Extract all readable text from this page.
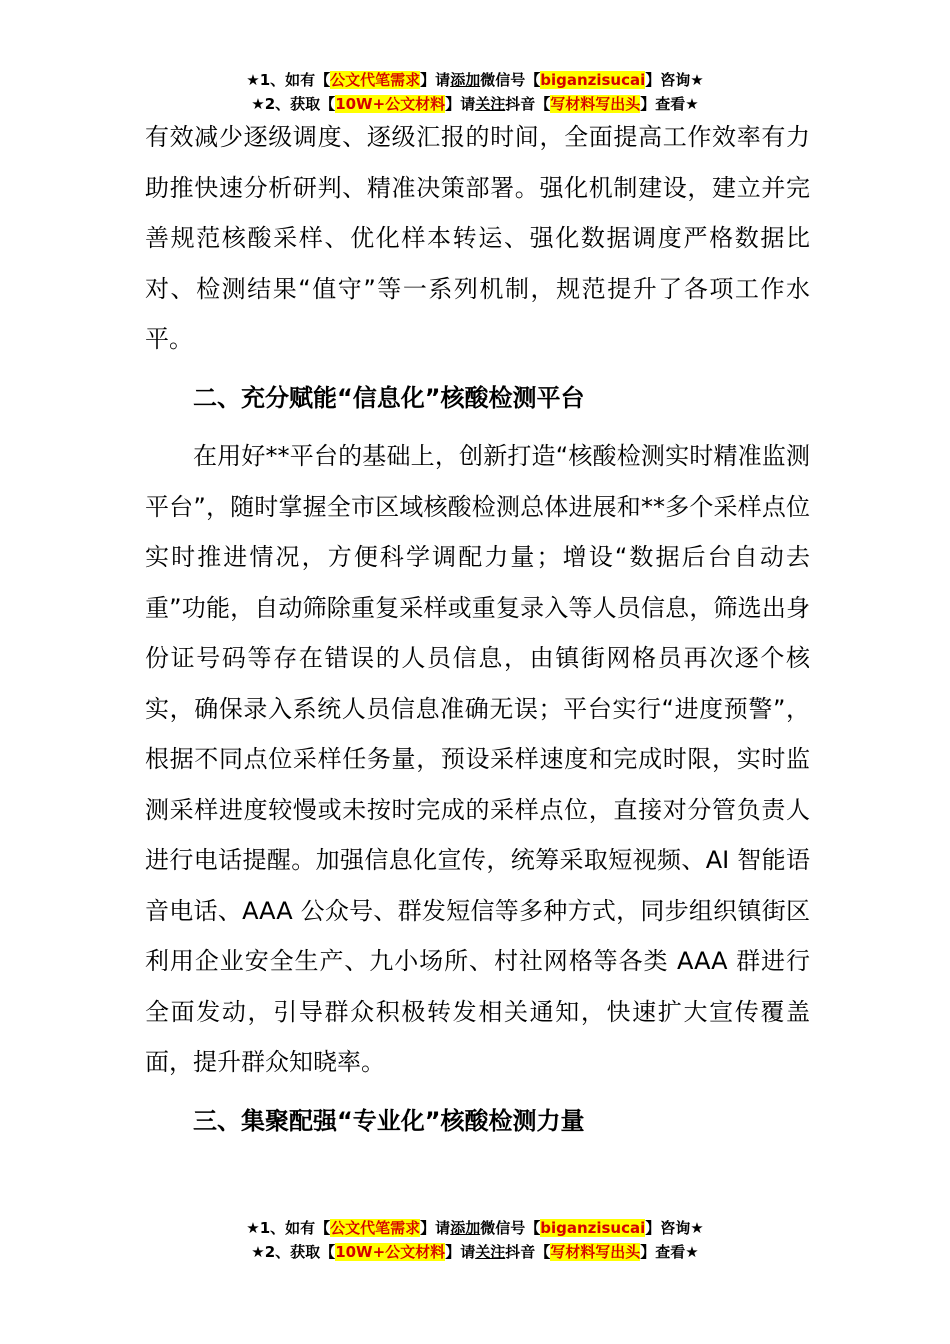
★1、如有【公文代笔需求】请添加微信号【biganzisucai】咨询★
★2、获取【10W+公文材料】请关注抖音【写材料写出头】查看★

有效减少逐级调度、逐级汇报的时间，全面提高工作效率有力助推快速分析研判、精准决策部署。强化机制建设，建立并完善规范核酸采样、优化样本转运、强化数据调度严格数据比对、检测结果“值守”等一系列机制，规范提升了各项工作水平。

二、充分赋能“信息化”核酸检测平台

在用好**平台的基础上，创新打造“核酸检测实时精准监测平台”，随时掌握全市区域核酸检测总体进展和**多个采样点位实时推进情况，方便科学调配力量；增设“数据后台自动去重”功能，自动筛除重复采样或重复录入等人员信息，筛选出身份证号码等存在错误的人员信息，由镇街网格员再次逐个核实，确保录入系统人员信息准确无误；平台实行“进度预警”，根据不同点位采样任务量，预设采样速度和完成时限，实时监测采样进度较慢或未按时完成的采样点位，直接对分管负责人进行电话提醒。加强信息化宣传，统筹采取短视频、AI 智能语音电话、AAA 公众号、群发短信等多种方式，同步组织镇街区利用企业安全生产、九小场所、村社网格等各类 AAA 群进行全面发动，引导群众积极转发相关通知，快速扩大宣传覆盖面，提升群众知晓率。

三、集聚配强“专业化”核酸检测力量
★1、如有【公文代笔需求】请添加微信号【biganzisucai】咨询★
★2、获取【10W+公文材料】请关注抖音【写材料写出头】查看★
